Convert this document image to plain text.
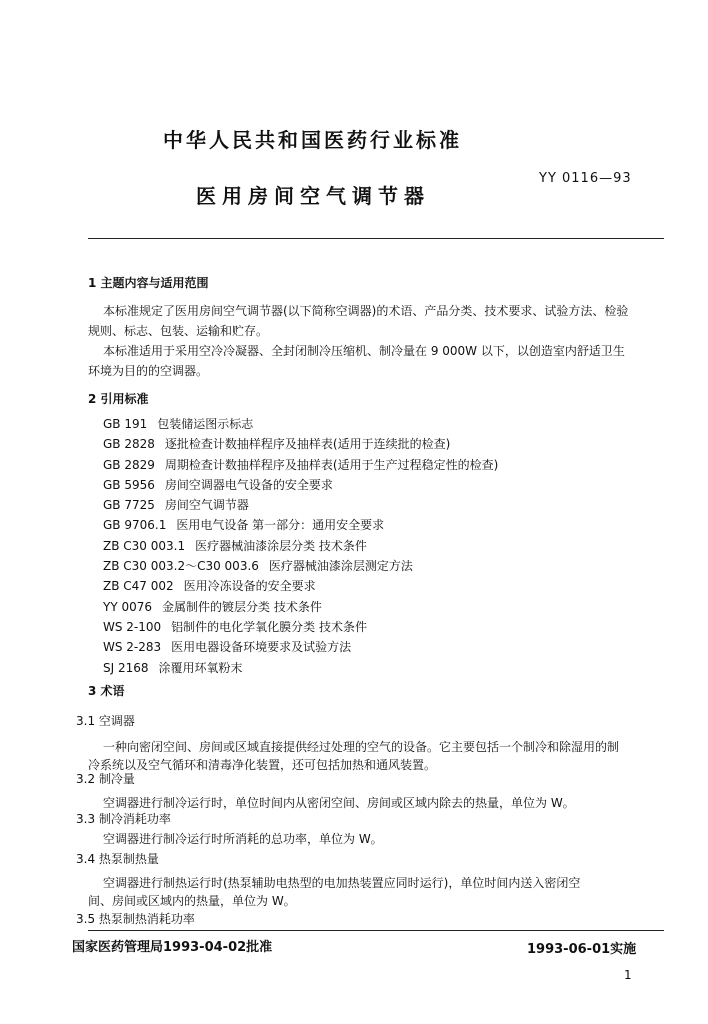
中华人民共和国医药行业标准
YY 0116—93
医用房间空气调节器
1 主题内容与适用范围
本标准规定了医用房间空气调节器(以下简称空调器)的术语、产品分类、技术要求、试验方法、检验
规则、标志、包装、运输和贮存。
本标准适用于采用空冷冷凝器、全封闭制冷压缩机、制冷量在 9 000W 以下，以创造室内舒适卫生
环境为目的的空调器。
2 引用标准
GB 191 包装储运图示标志
GB 2828 逐批检查计数抽样程序及抽样表(适用于连续批的检查)
GB 2829 周期检查计数抽样程序及抽样表(适用于生产过程稳定性的检查)
GB 5956 房间空调器电气设备的安全要求
GB 7725 房间空气调节器
GB 9706.1 医用电气设备 第一部分：通用安全要求
ZB C30 003.1 医疗器械油漆涂层分类 技术条件
ZB C30 003.2～C30 003.6 医疗器械油漆涂层测定方法
ZB C47 002 医用冷冻设备的安全要求
YY 0076 金属制件的镀层分类 技术条件
WS 2-100 铝制件的电化学氧化膜分类 技术条件
WS 2-283 医用电器设备环境要求及试验方法
SJ 2168 涂覆用环氧粉末
3 术语
3.1 空调器
一种向密闭空间、房间或区域直接提供经过处理的空气的设备。它主要包括一个制冷和除湿用的制
冷系统以及空气循环和清毒净化装置，还可包括加热和通风装置。
3.2 制冷量
空调器进行制冷运行时，单位时间内从密闭空间、房间或区域内除去的热量，单位为 W。
3.3 制冷消耗功率
空调器进行制冷运行时所消耗的总功率，单位为 W。
3.4 热泵制热量
空调器进行制热运行时(热泵辅助电热型的电加热装置应同时运行)，单位时间内送入密闭空
间、房间或区域内的热量，单位为 W。
3.5 热泵制热消耗功率
国家医药管理局1993-04-02批准	1993-06-01实施
1
